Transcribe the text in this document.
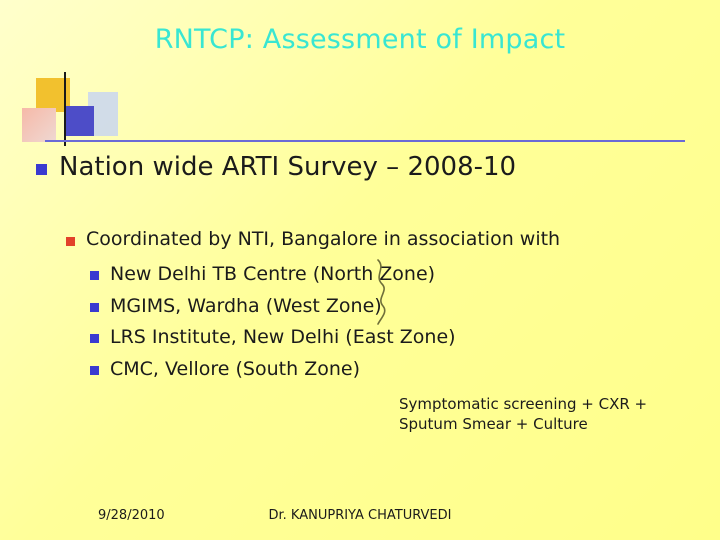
RNTCP: Assessment of Impact
Nation wide ARTI Survey – 2008-10
Coordinated by NTI, Bangalore in association with
New Delhi TB Centre (North Zone)
MGIMS, Wardha (West Zone)
LRS Institute, New Delhi (East Zone)
CMC, Vellore (South Zone)
Symptomatic screening + CXR +
Sputum Smear + Culture
9/28/2010	Dr. KANUPRIYA CHATURVEDI
